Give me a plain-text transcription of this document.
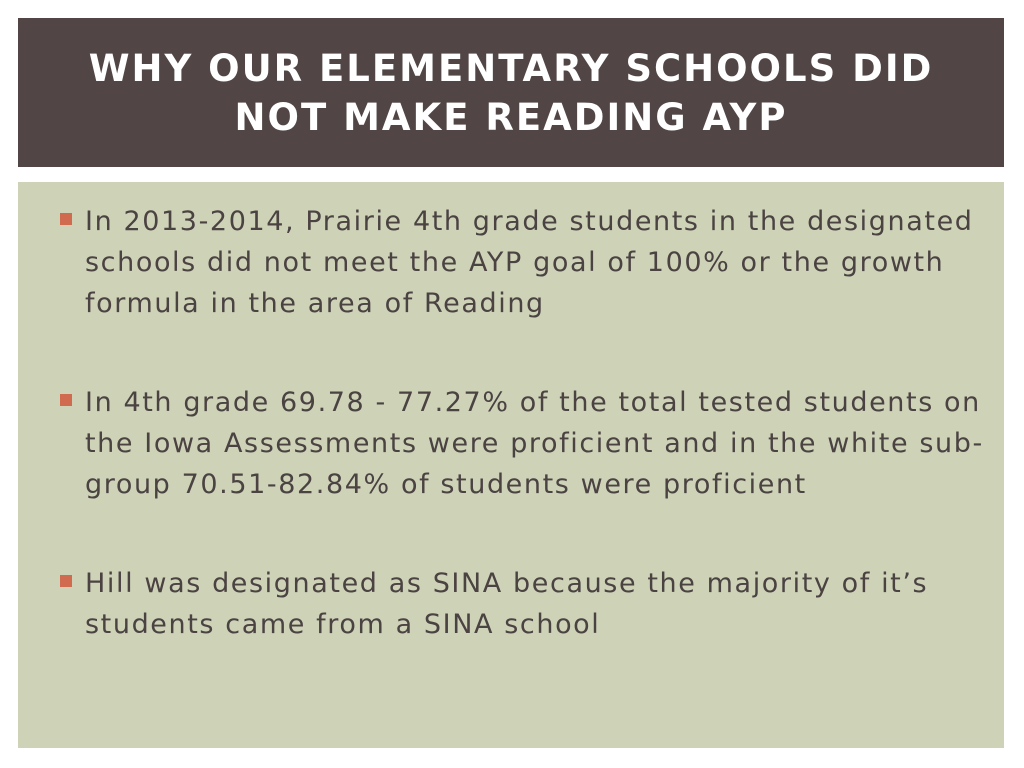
WHY OUR ELEMENTARY SCHOOLS DID NOT MAKE READING AYP
In 2013-2014, Prairie 4th grade students in the designated schools did not meet the AYP goal of 100% or the growth formula in the area of Reading
In 4th grade 69.78 - 77.27% of the total tested students on the Iowa Assessments were proficient and in the white sub-group 70.51-82.84% of students were proficient
Hill was designated as SINA because the majority of it’s students came from a SINA school
